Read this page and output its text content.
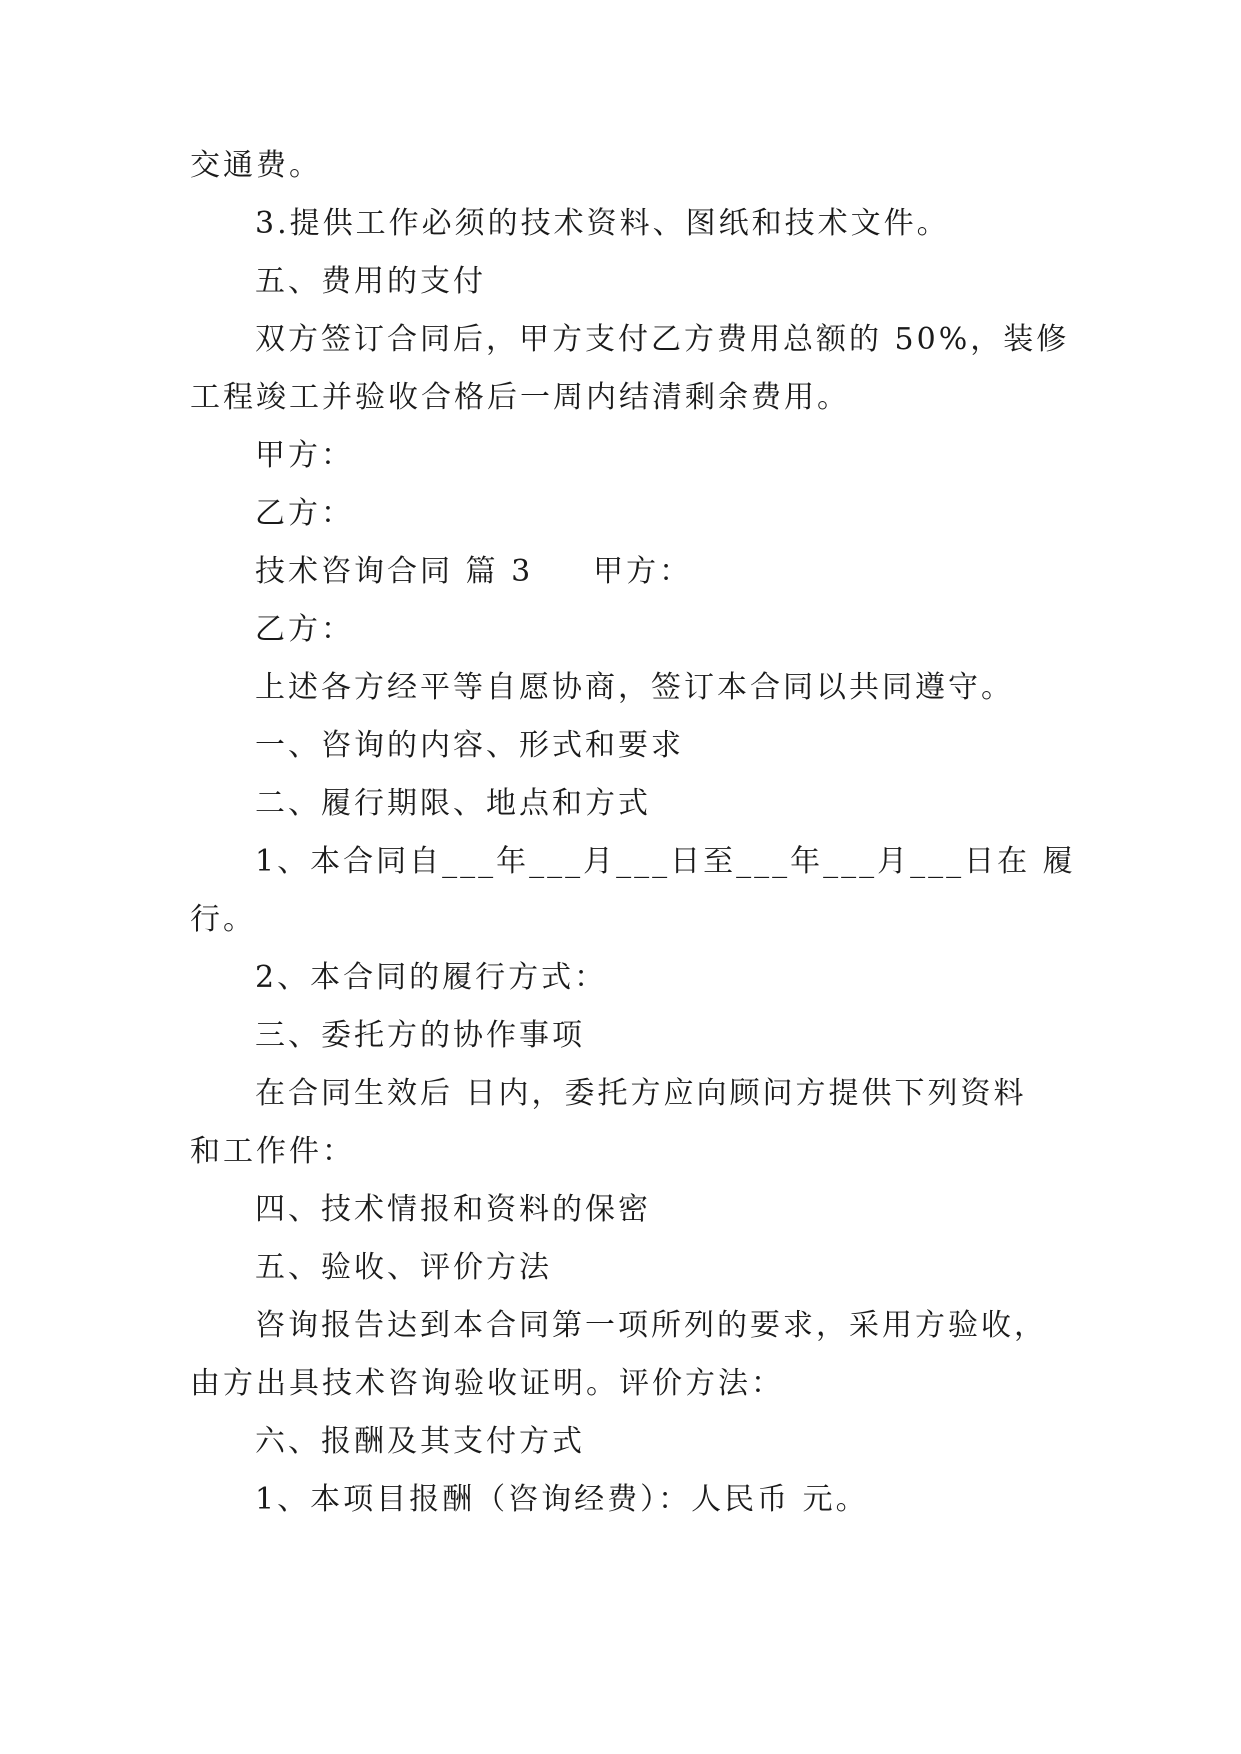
交通费。
3.提供工作必须的技术资料、图纸和技术文件。
五、费用的支付
双方签订合同后，甲方支付乙方费用总额的 50%，装修
工程竣工并验收合格后一周内结清剩余费用。
甲方：
乙方：
技术咨询合同 篇 3 甲方：
乙方：
上述各方经平等自愿协商，签订本合同以共同遵守。
一、咨询的内容、形式和要求
二、履行期限、地点和方式
1、本合同自___年___月___日至___年___月___日在 履
行。
2、本合同的履行方式：
三、委托方的协作事项
在合同生效后 日内，委托方应向顾问方提供下列资料
和工作件：
四、技术情报和资料的保密
五、验收、评价方法
咨询报告达到本合同第一项所列的要求，采用方验收，
由方出具技术咨询验收证明。评价方法：
六、报酬及其支付方式
1、本项目报酬（咨询经费）：人民币 元。
